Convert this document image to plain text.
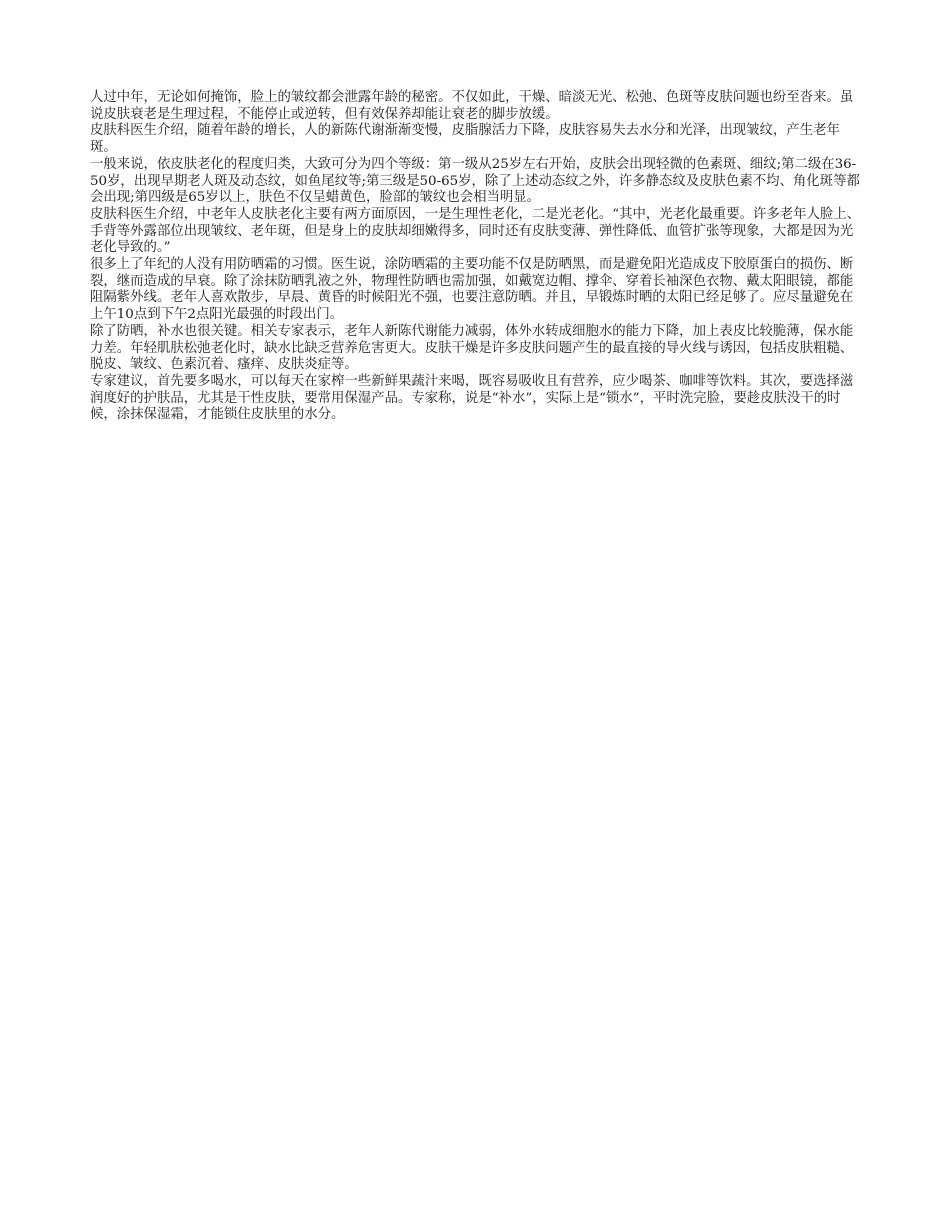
人过中年，无论如何掩饰，脸上的皱纹都会泄露年龄的秘密。不仅如此，干燥、暗淡无光、松弛、色斑等皮肤问题也纷至沓来。虽说皮肤衰老是生理过程，不能停止或逆转，但有效保养却能让衰老的脚步放缓。

皮肤科医生介绍，随着年龄的增长，人的新陈代谢渐渐变慢，皮脂腺活力下降，皮肤容易失去水分和光泽，出现皱纹，产生老年斑。

一般来说，依皮肤老化的程度归类，大致可分为四个等级：第一级从25岁左右开始，皮肤会出现轻微的色素斑、细纹;第二级在36-50岁，出现早期老人斑及动态纹，如鱼尾纹等;第三级是50-65岁，除了上述动态纹之外，许多静态纹及皮肤色素不均、角化斑等都会出现;第四级是65岁以上，肤色不仅呈蜡黄色，脸部的皱纹也会相当明显。

皮肤科医生介绍，中老年人皮肤老化主要有两方面原因，一是生理性老化，二是光老化。“其中，光老化最重要。许多老年人脸上、手背等外露部位出现皱纹、老年斑，但是身上的皮肤却细嫩得多，同时还有皮肤变薄、弹性降低、血管扩张等现象，大都是因为光老化导致的。”

很多上了年纪的人没有用防晒霜的习惯。医生说，涂防晒霜的主要功能不仅是防晒黑，而是避免阳光造成皮下胶原蛋白的损伤、断裂，继而造成的早衰。除了涂抹防晒乳液之外，物理性防晒也需加强，如戴宽边帽、撑伞、穿着长袖深色衣物、戴太阳眼镜，都能阻隔紫外线。老年人喜欢散步，早晨、黄昏的时候阳光不强，也要注意防晒。并且，早锻炼时晒的太阳已经足够了。应尽量避免在上午10点到下午2点阳光最强的时段出门。

除了防晒，补水也很关键。相关专家表示，老年人新陈代谢能力减弱，体外水转成细胞水的能力下降，加上表皮比较脆薄，保水能力差。年轻肌肤松弛老化时，缺水比缺乏营养危害更大。皮肤干燥是许多皮肤问题产生的最直接的导火线与诱因，包括皮肤粗糙、脱皮、皱纹、色素沉着、瘙痒、皮肤炎症等。

专家建议，首先要多喝水，可以每天在家榨一些新鲜果蔬汁来喝，既容易吸收且有营养，应少喝茶、咖啡等饮料。其次，要选择滋润度好的护肤品，尤其是干性皮肤，要常用保湿产品。专家称，说是“补水”，实际上是“锁水”，平时洗完脸，要趁皮肤没干的时候，涂抹保湿霜，才能锁住皮肤里的水分。
